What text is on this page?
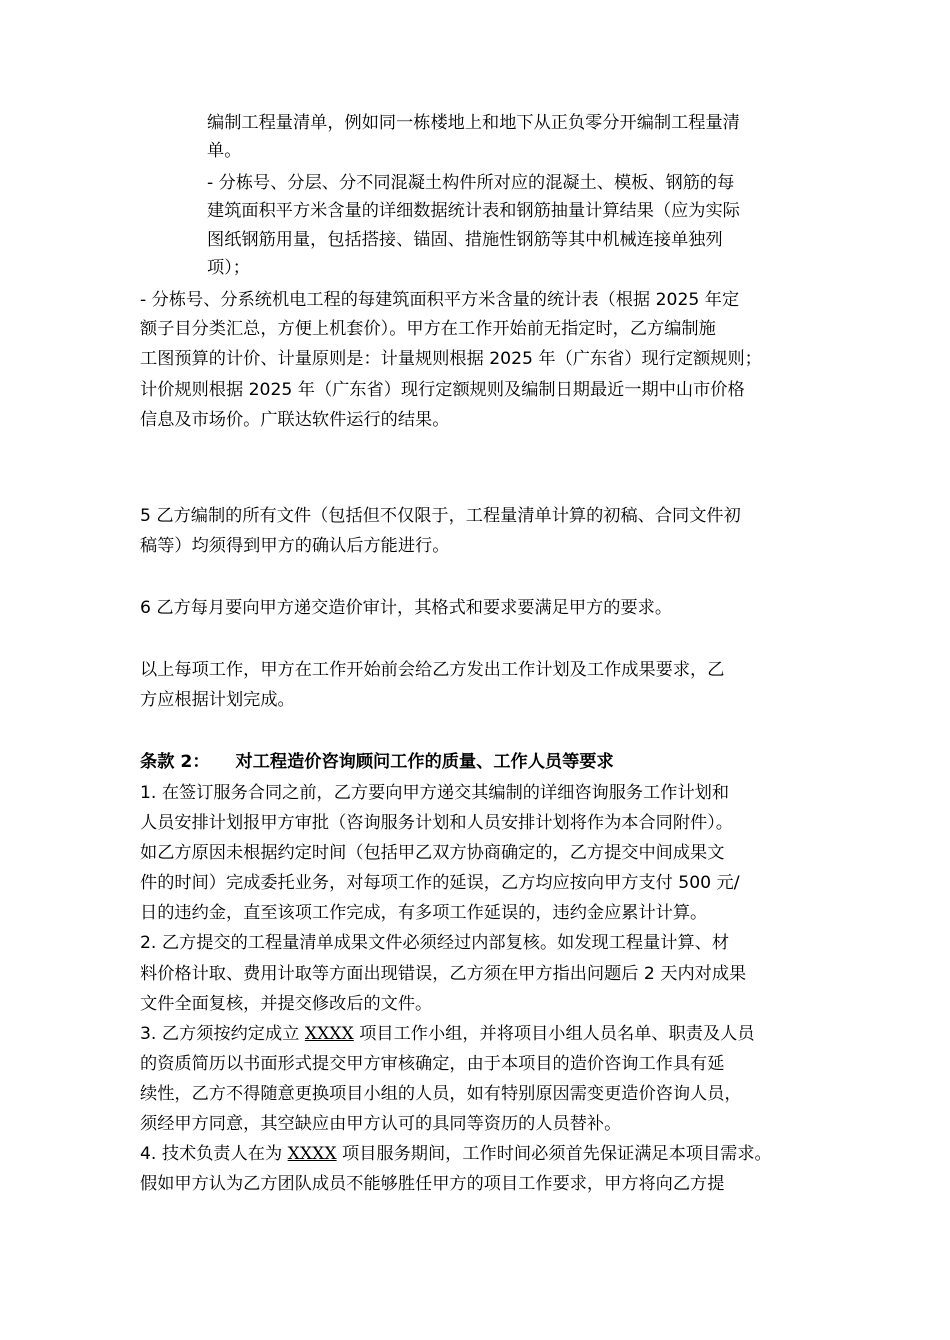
编制工程量清单，例如同一栋楼地上和地下从正负零分开编制工程量清
单。
- 分栋号、分层、分不同混凝土构件所对应的混凝土、模板、钢筋的每
建筑面积平方米含量的详细数据统计表和钢筋抽量计算结果（应为实际
图纸钢筋用量，包括搭接、锚固、措施性钢筋等其中机械连接单独列
项）；
- 分栋号、分系统机电工程的每建筑面积平方米含量的统计表（根据 2025 年定
额子目分类汇总，方便上机套价）。甲方在工作开始前无指定时，乙方编制施
工图预算的计价、计量原则是：计量规则根据 2025 年（广东省）现行定额规则；
计价规则根据 2025 年（广东省）现行定额规则及编制日期最近一期中山市价格
信息及市场价。广联达软件运行的结果。
5 乙方编制的所有文件（包括但不仅限于，工程量清单计算的初稿、合同文件初
稿等）均须得到甲方的确认后方能进行。
6 乙方每月要向甲方递交造价审计，其格式和要求要满足甲方的要求。
以上每项工作，甲方在工作开始前会给乙方发出工作计划及工作成果要求，乙
方应根据计划完成。
条款 2： 对工程造价咨询顾问工作的质量、工作人员等要求
1. 在签订服务合同之前，乙方要向甲方递交其编制的详细咨询服务工作计划和
人员安排计划报甲方审批（咨询服务计划和人员安排计划将作为本合同附件）。
如乙方原因未根据约定时间（包括甲乙双方协商确定的，乙方提交中间成果文
件的时间）完成委托业务，对每项工作的延误，乙方均应按向甲方支付 500 元/
日的违约金，直至该项工作完成，有多项工作延误的，违约金应累计计算。
2. 乙方提交的工程量清单成果文件必须经过内部复核。如发现工程量计算、材
料价格计取、费用计取等方面出现错误，乙方须在甲方指出问题后 2 天内对成果
文件全面复核，并提交修改后的文件。
3. 乙方须按约定成立 XXXX 项目工作小组，并将项目小组人员名单、职责及人员
的资质简历以书面形式提交甲方审核确定，由于本项目的造价咨询工作具有延
续性，乙方不得随意更换项目小组的人员，如有特别原因需变更造价咨询人员，
须经甲方同意，其空缺应由甲方认可的具同等资历的人员替补。
4. 技术负责人在为 XXXX 项目服务期间，工作时间必须首先保证满足本项目需求。
假如甲方认为乙方团队成员不能够胜任甲方的项目工作要求，甲方将向乙方提
